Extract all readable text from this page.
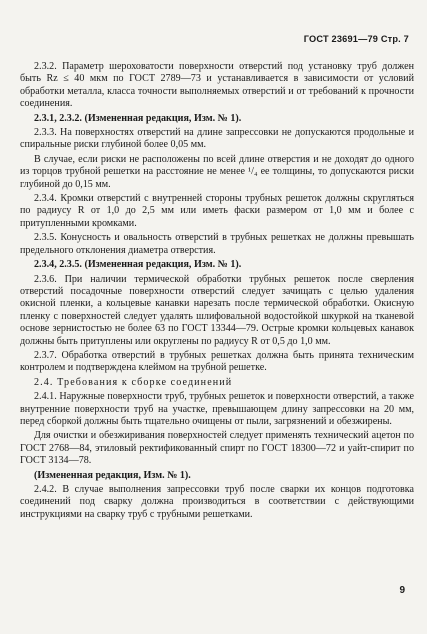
ГОСТ 23691—79 Стр. 7

2.3.2. Параметр шероховатости поверхности отверстий под установку труб должен быть Rz ≤ 40 мкм по ГОСТ 2789—73 и устанавливается в зависимости от условий обработки металла, класса точности выполняемых отверстий и от требований к прочности соединения.

2.3.1, 2.3.2. (Измененная редакция, Изм. № 1).

2.3.3. На поверхностях отверстий на длине запрессовки не допускаются продольные и спиральные риски глубиной более 0,05 мм.

В случае, если риски не расположены по всей длине отверстия и не доходят до одного из торцов трубной решетки на расстояние не менее ¹/₄ ее толщины, то допускаются риски глубиной до 0,15 мм.

2.3.4. Кромки отверстий с внутренней стороны трубных решеток должны скругляться по радиусу R от 1,0 до 2,5 мм или иметь фаски размером от 1,0 мм и более с притупленными кромками.

2.3.5. Конусность и овальность отверстий в трубных решетках не должны превышать предельного отклонения диаметра отверстия.

2.3.4, 2.3.5. (Измененная редакция, Изм. № 1).

2.3.6. При наличии термической обработки трубных решеток после сверления отверстий посадочные поверхности отверстий следует зачищать с целью удаления окисной пленки, а кольцевые канавки нарезать после термической обработки. Окисную пленку с поверхностей следует удалять шлифовальной водостойкой шкуркой на тканевой основе зернистостью не более 63 по ГОСТ 13344—79. Острые кромки кольцевых канавок должны быть притуплены или округлены по радиусу R от 0,5 до 1,0 мм.

2.3.7. Обработка отверстий в трубных решетках должна быть принята техническим контролем и подтверждена клеймом на трубной решетке.

2.4. Требования к сборке соединений

2.4.1. Наружные поверхности труб, трубных решеток и поверхности отверстий, а также внутренние поверхности труб на участке, превышающем длину запрессовки на 20 мм, перед сборкой должны быть тщательно очищены от пыли, загрязнений и обезжирены.

Для очистки и обезжиривания поверхностей следует применять технический ацетон по ГОСТ 2768—84, этиловый ректификованный спирт по ГОСТ 18300—72 и уайт-спирит по ГОСТ 3134—78.

(Измененная редакция, Изм. № 1).

2.4.2. В случае выполнения запрессовки труб после сварки их концов подготовка соединений под сварку должна производиться в соответствии с действующими инструкциями на сварку труб с трубными решетками.

9
